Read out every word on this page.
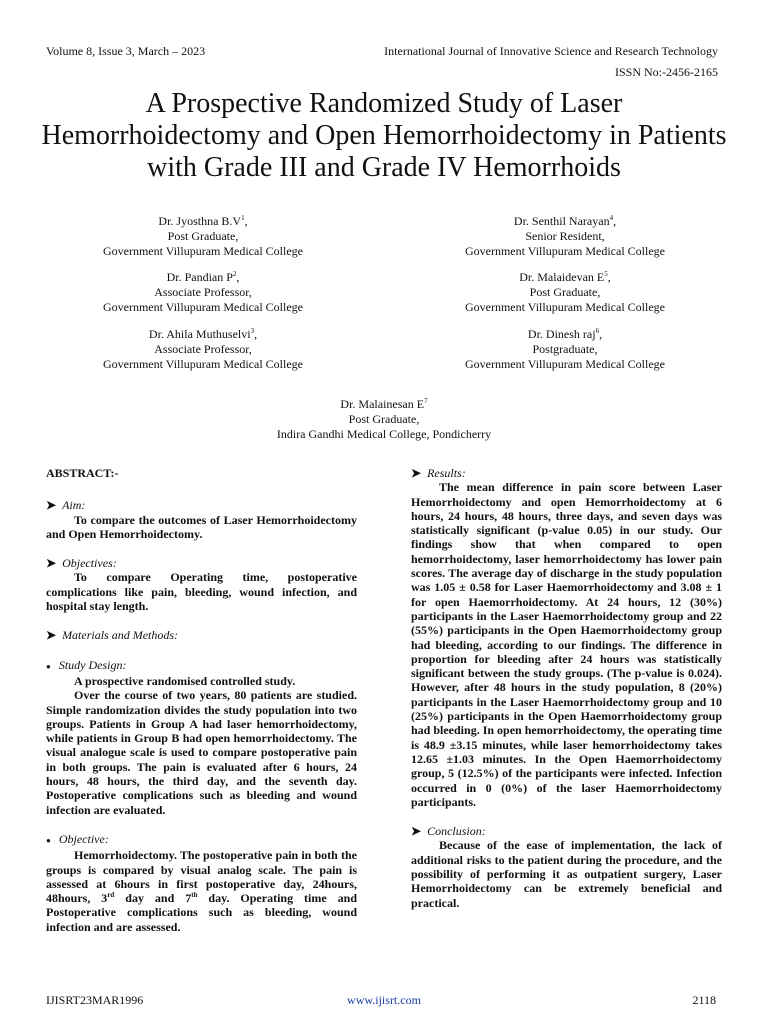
Volume 8, Issue 3, March – 2023	International Journal of Innovative Science and Research Technology
ISSN No:-2456-2165
A Prospective Randomized Study of Laser Hemorrhoidectomy and Open Hemorrhoidectomy in Patients with Grade III and Grade IV Hemorrhoids
Dr. Jyosthna $B.V^1$,
Post Graduate,
Government Villupuram Medical College
Dr. Pandian $P^2$,
Associate Professor,
Government Villupuram Medical College
Dr. Ahila Muthuselvi$^3$,
Associate Professor,
Government Villupuram Medical College
Dr. Senthil Narayan$^4$,
Senior Resident,
Government Villupuram Medical College
Dr. Malaidevan $E^5$,
Post Graduate,
Government Villupuram Medical College
Dr. Dinesh raj$^6$,
Postgraduate,
Government Villupuram Medical College
Dr. Malainesan $E^7$
Post Graduate,
Indira Gandhi Medical College, Pondicherry
ABSTRACT:-
➤ Aim:
To compare the outcomes of Laser Hemorrhoidectomy and Open Hemorrhoidectomy.
➤ Objectives:
To compare Operating time, postoperative complications like pain, bleeding, wound infection, and hospital stay length.
➤ Materials and Methods:
● Study Design:
A prospective randomised controlled study.
Over the course of two years, 80 patients are studied. Simple randomization divides the study population into two groups. Patients in Group A had laser hemorrhoidectomy, while patients in Group B had open hemorrhoidectomy. The visual analogue scale is used to compare postoperative pain in both groups. The pain is evaluated after 6 hours, 24 hours, 48 hours, the third day, and the seventh day. Postoperative complications such as bleeding and wound infection are evaluated.
● Objective:
Hemorrhoidectomy. The postoperative pain in both the groups is compared by visual analog scale. The pain is assessed at 6hours in first postoperative day, 24hours, 48hours, 3rd day and 7th day. Operating time and Postoperative complications such as bleeding, wound infection and are assessed.
➤ Results:
The mean difference in pain score between Laser Hemorrhoidectomy and open Hemorrhoidectomy at 6 hours, 24 hours, 48 hours, three days, and seven days was statistically significant (p-value 0.05) in our study. Our findings show that when compared to open hemorrhoidectomy, laser hemorrhoidectomy has lower pain scores. The average day of discharge in the study population was 1.05 ± 0.58 for Laser Haemorrhoidectomy and 3.08 ± 1 for open Haemorrhoidectomy. At 24 hours, 12 (30%) participants in the Laser Haemorrhoidectomy group and 22 (55%) participants in the Open Haemorrhoidectomy group had bleeding, according to our findings. The difference in proportion for bleeding after 24 hours was statistically significant between the study groups. (The p-value is 0.024). However, after 48 hours in the study population, 8 (20%) participants in the Laser Haemorrhoidectomy group and 10 (25%) participants in the Open Haemorrhoidectomy group had bleeding. In open hemorrhoidectomy, the operating time is 48.9 ±3.15 minutes, while laser hemorrhoidectomy takes 12.65 ±1.03 minutes. In the Open Haemorrhoidectomy group, 5 (12.5%) of the participants were infected. Infection occurred in 0 (0%) of the laser Haemorrhoidectomy participants.
➤ Conclusion:
Because of the ease of implementation, the lack of additional risks to the patient during the procedure, and the possibility of performing it as outpatient surgery, Laser Hemorrhoidectomy can be extremely beneficial and practical.
IJISRT23MAR1996	www.ijisrt.com	2118
